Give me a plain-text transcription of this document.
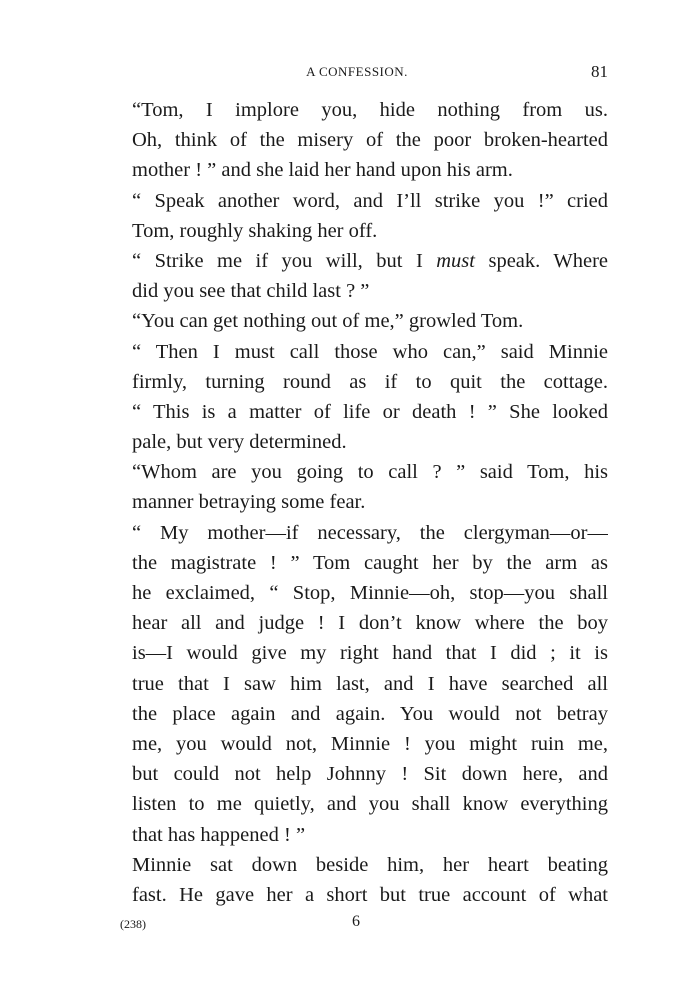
A CONFESSION.	81

“Tom, I implore you, hide nothing from us.
Oh, think of the misery of the poor broken-hearted
mother ! ” and she laid her hand upon his arm.

“ Speak another word, and I’ll strike you !” cried
Tom, roughly shaking her off.

“ Strike me if you will, but I must speak. Where
did you see that child last ? ”

“You can get nothing out of me,” growled Tom.

“ Then I must call those who can,” said Minnie
firmly, turning round as if to quit the cottage.
“ This is a matter of life or death ! ” She looked
pale, but very determined.

“Whom are you going to call ? ” said Tom, his
manner betraying some fear.

“ My mother—if necessary, the clergyman—or—
the magistrate ! ” Tom caught her by the arm as
he exclaimed, “ Stop, Minnie—oh, stop—you shall
hear all and judge ! I don’t know where the boy
is—I would give my right hand that I did ; it is
true that I saw him last, and I have searched all
the place again and again. You would not betray
me, you would not, Minnie ! you might ruin me,
but could not help Johnny ! Sit down here, and
listen to me quietly, and you shall know everything
that has happened ! ”

Minnie sat down beside him, her heart beating
fast. He gave her a short but true account of what

(238)	6
